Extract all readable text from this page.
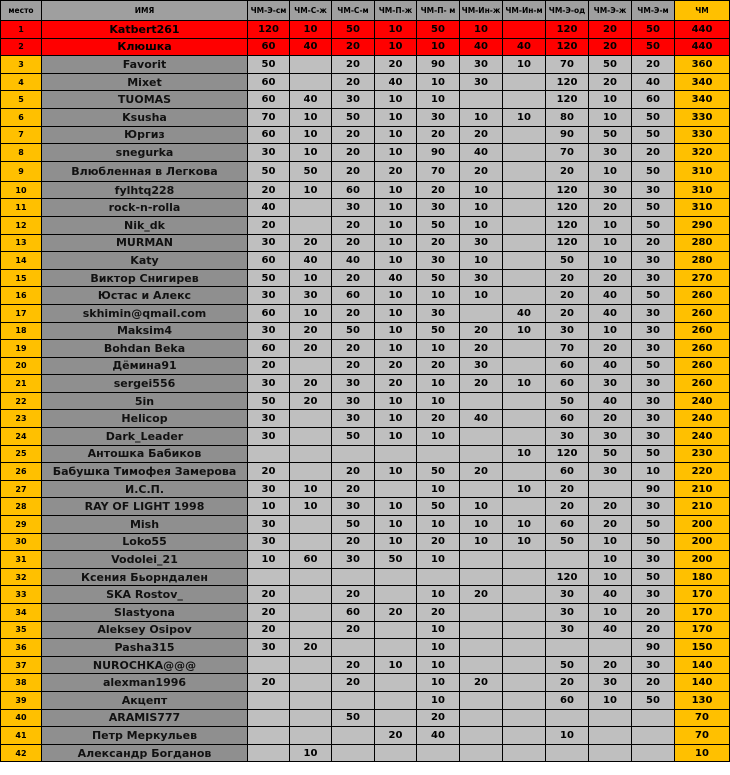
место	ИМЯ	ЧМ-Э-см	ЧМ-С-ж	ЧМ-С-м	ЧМ-П-ж	ЧМ-П- м	ЧМ-Ин-ж	ЧМ-Ин-м	ЧМ-Э-од	ЧМ-Э-ж	ЧМ-Э-м	ЧМ
1	Katbert261	120	10	50	10	50	10		120	20	50	440
2	Клюшка	60	40	20	10	10	40	40	120	20	50	440
3	Favorit	50		20	20	90	30	10	70	50	20	360
4	Mixet	60		20	40	10	30		120	20	40	340
5	TUOMAS	60	40	30	10	10			120	10	60	340
6	Ksusha	70	10	50	10	30	10	10	80	10	50	330
7	Юргиз	60	10	20	10	20	20		90	50	50	330
8	snegurka	30	10	20	10	90	40		70	30	20	320
9	Влюбленная в Легкова	50	50	20	20	70	20		20	10	50	310
10	fylhtq228	20	10	60	10	20	10		120	30	30	310
11	rock-n-rolla	40		30	10	30	10		120	20	50	310
12	Nik_dk	20		20	10	50	10		120	10	50	290
13	MURMAN	30	20	20	10	20	30		120	10	20	280
14	Katy	60	40	40	10	30	10		50	10	30	280
15	Виктор Снигирев	50	10	20	40	50	30		20	20	30	270
16	Юстас и Алекс	30	30	60	10	10	10		20	40	50	260
17	skhimin@qmail.com	60	10	20	10	30		40	20	40	30	260
18	Maksim4	30	20	50	10	50	20	10	30	10	30	260
19	Bohdan Beka	60	20	20	10	10	20		70	20	30	260
20	Дёмина91	20		20	20	20	30		60	40	50	260
21	sergei556	30	20	30	20	10	20	10	60	30	30	260
22	5in	50	20	30	10	10			50	40	30	240
23	Helicop	30		30	10	20	40		60	20	30	240
24	Dark_Leader	30		50	10	10			30	30	30	240
25	Антошка Бабиков							10	120	50	50	230
26	Бабушка Тимофея Замерова	20		20	10	50	20		60	30	10	220
27	И.С.П.	30	10	20		10		10	20		90	210
28	RAY OF LIGHT 1998	10	10	30	10	50	10		20	20	30	210
29	Mish	30		50	10	10	10	10	60	20	50	200
30	Loko55	30		20	10	20	10	10	50	10	50	200
31	Vodolei_21	10	60	30	50	10				10	30	200
32	Ксения Бьорндален								120	10	50	180
33	SKA Rostov_	20		20		10	20		30	40	30	170
34	Slastyona	20		60	20	20			30	10	20	170
35	Aleksey Osipov	20		20		10			30	40	20	170
36	Pasha315	30	20			10					90	150
37	NUROCHKA@@@			20	10	10			50	20	30	140
38	alexman1996	20		20		10	20		20	30	20	140
39	Акцепт					10			60	10	50	130
40	ARAMIS777			50		20						70
41	Петр Меркульев				20	40			10			70
42	Александр Богданов		10									10
